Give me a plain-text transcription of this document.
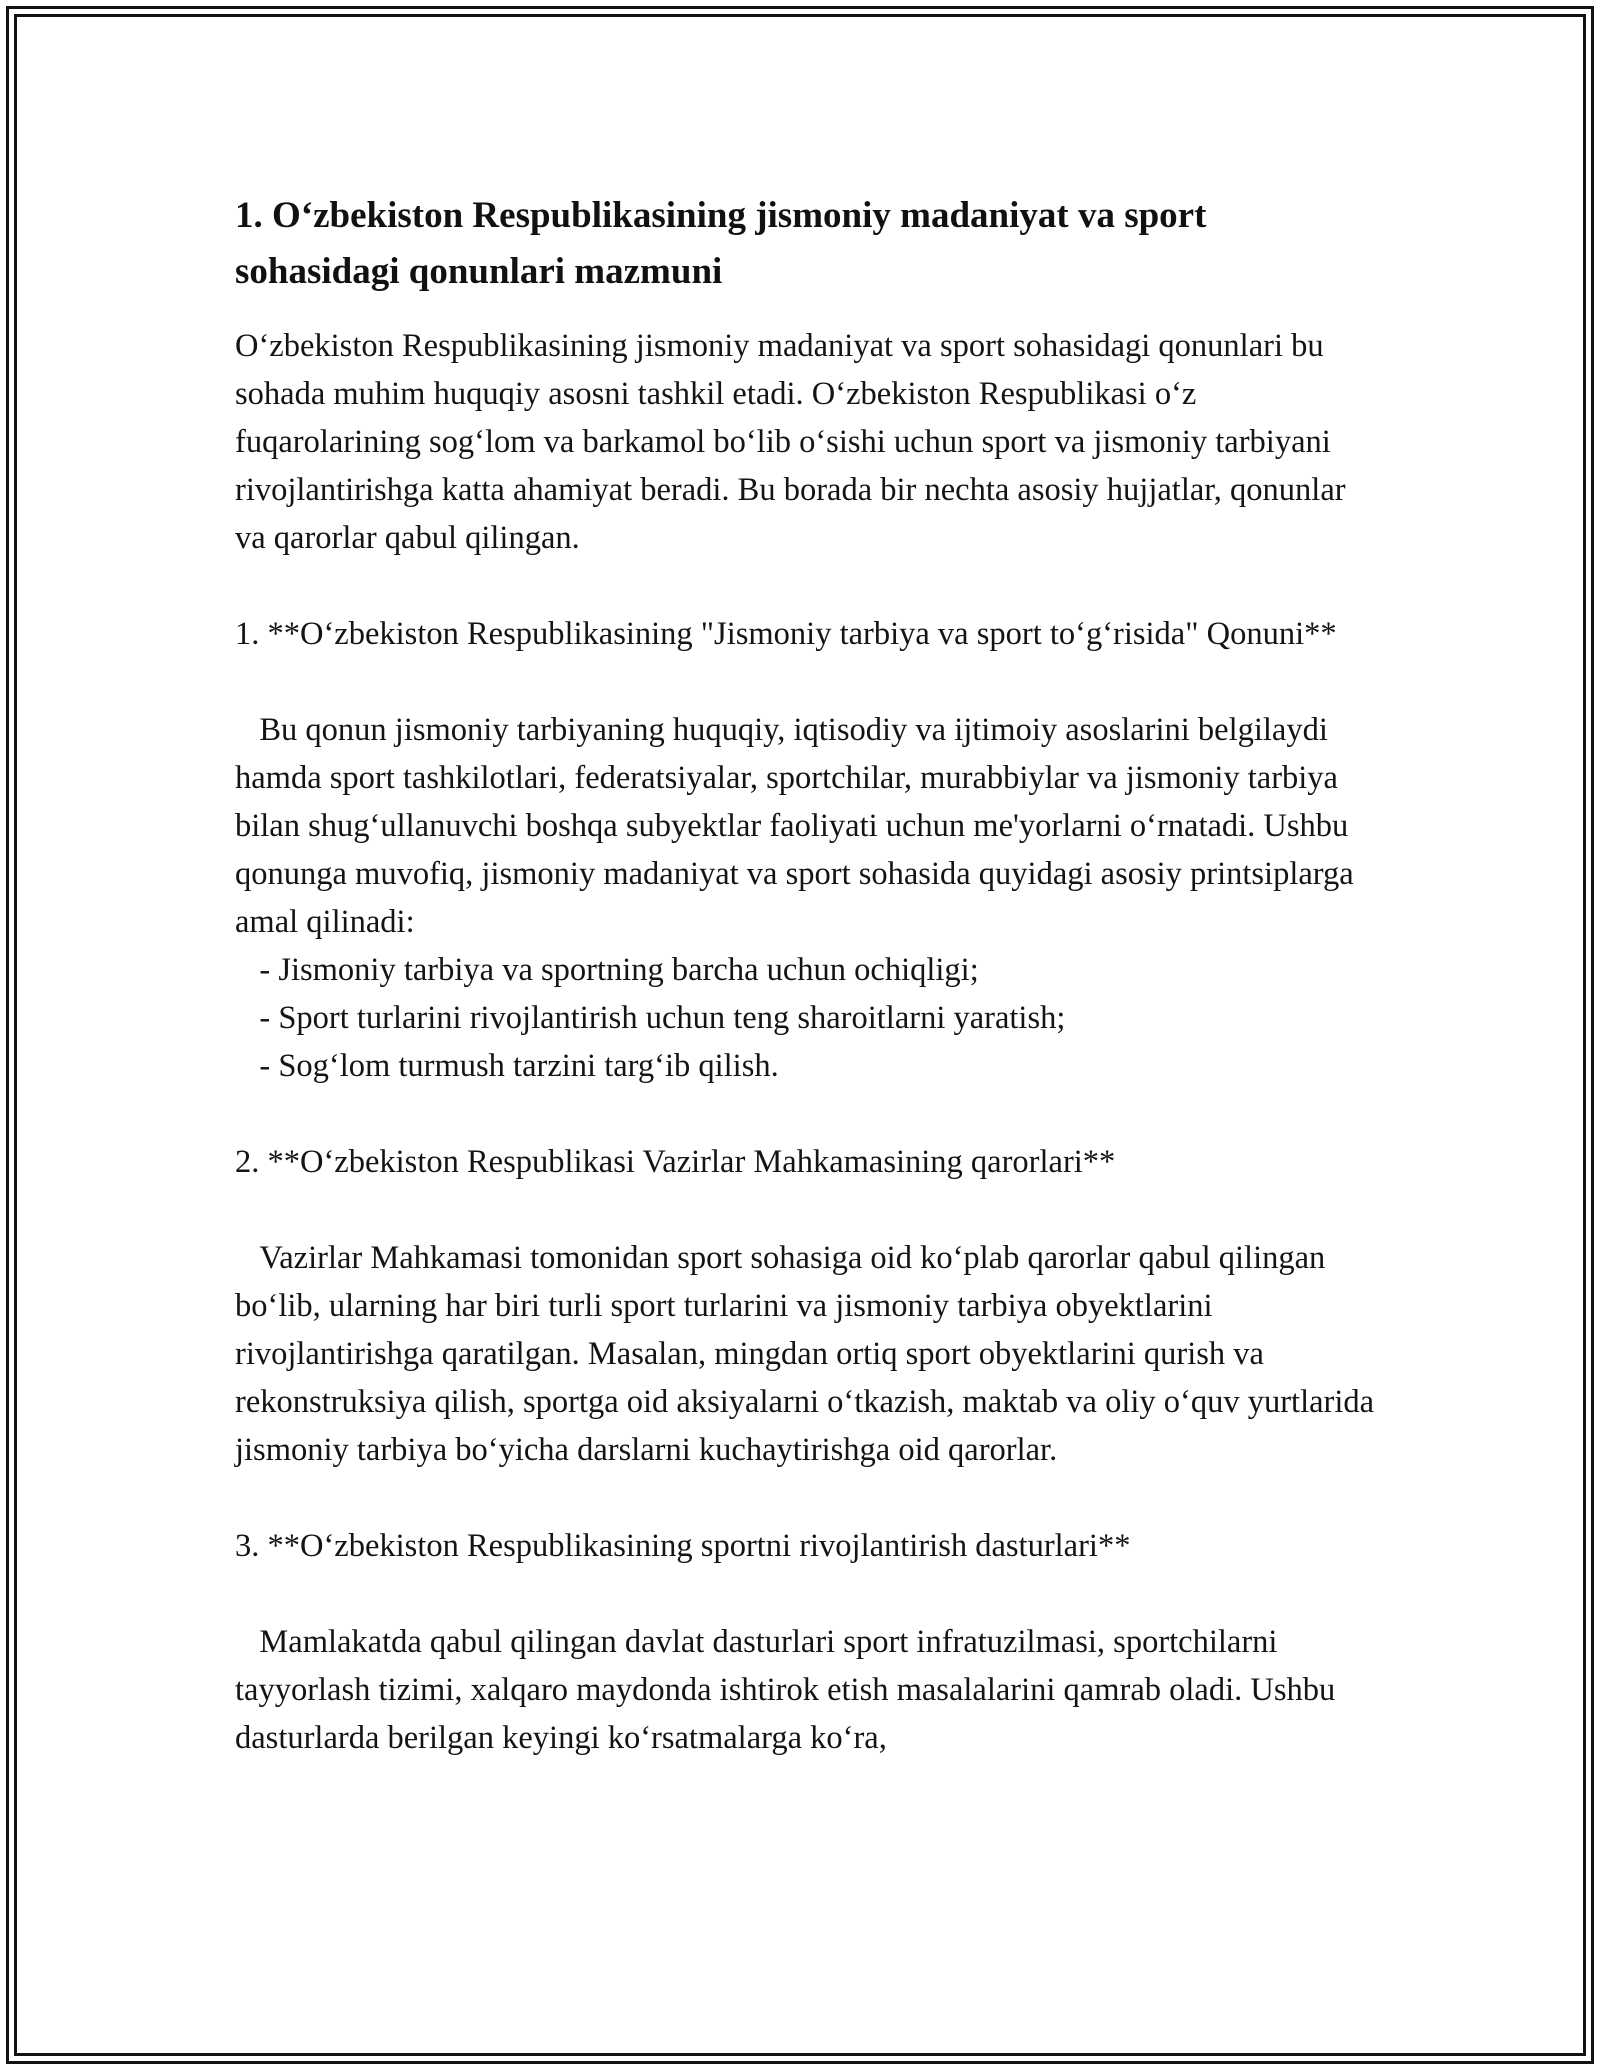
1. O‘zbekiston Respublikasining jismoniy madaniyat va sport sohasidagi qonunlari mazmuni

O‘zbekiston Respublikasining jismoniy madaniyat va sport sohasidagi qonunlari bu sohada muhim huquqiy asosni tashkil etadi. O‘zbekiston Respublikasi o‘z fuqarolarining sog‘lom va barkamol bo‘lib o‘sishi uchun sport va jismoniy tarbiyani rivojlantirishga katta ahamiyat beradi. Bu borada bir nechta asosiy hujjatlar, qonunlar va qarorlar qabul qilingan.

1. **O‘zbekiston Respublikasining "Jismoniy tarbiya va sport to‘g‘risida" Qonuni**

Bu qonun jismoniy tarbiyaning huquqiy, iqtisodiy va ijtimoiy asoslarini belgilaydi hamda sport tashkilotlari, federatsiyalar, sportchilar, murabbiylar va jismoniy tarbiya bilan shug‘ullanuvchi boshqa subyektlar faoliyati uchun me'yorlarni o‘rnatadi. Ushbu qonunga muvofiq, jismoniy madaniyat va sport sohasida quyidagi asosiy printsiplarga amal qilinadi:

- Jismoniy tarbiya va sportning barcha uchun ochiqligi;

- Sport turlarini rivojlantirish uchun teng sharoitlarni yaratish;

- Sog‘lom turmush tarzini targ‘ib qilish.

2. **O‘zbekiston Respublikasi Vazirlar Mahkamasining qarorlari**

Vazirlar Mahkamasi tomonidan sport sohasiga oid ko‘plab qarorlar qabul qilingan bo‘lib, ularning har biri turli sport turlarini va jismoniy tarbiya obyektlarini rivojlantirishga qaratilgan. Masalan, mingdan ortiq sport obyektlarini qurish va rekonstruksiya qilish, sportga oid aksiyalarni o‘tkazish, maktab va oliy o‘quv yurtlarida jismoniy tarbiya bo‘yicha darslarni kuchaytirishga oid qarorlar.

3. **O‘zbekiston Respublikasining sportni rivojlantirish dasturlari**

Mamlakatda qabul qilingan davlat dasturlari sport infratuzilmasi, sportchilarni tayyorlash tizimi, xalqaro maydonda ishtirok etish masalalarini qamrab oladi. Ushbu dasturlarda berilgan keyingi ko‘rsatmalarga ko‘ra,
